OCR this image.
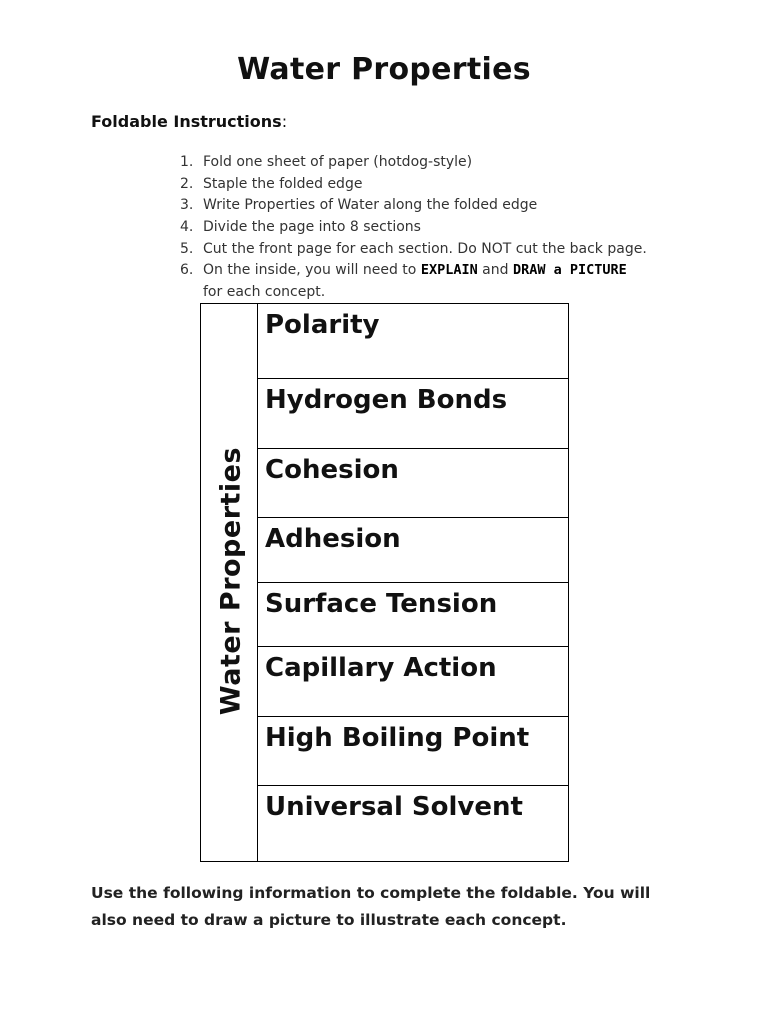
Water Properties
Foldable Instructions:
1. Fold one sheet of paper (hotdog-style)
2. Staple the folded edge
3. Write Properties of Water along the folded edge
4. Divide the page into 8 sections
5. Cut the front page for each section. Do NOT cut the back page.
6. On the inside, you will need to EXPLAIN and DRAW a PICTURE
for each concept.
Water Properties
Polarity
Hydrogen Bonds
Cohesion
Adhesion
Surface Tension
Capillary Action
High Boiling Point
Universal Solvent
Use the following information to complete the foldable. You will also need to draw a picture to illustrate each concept.
